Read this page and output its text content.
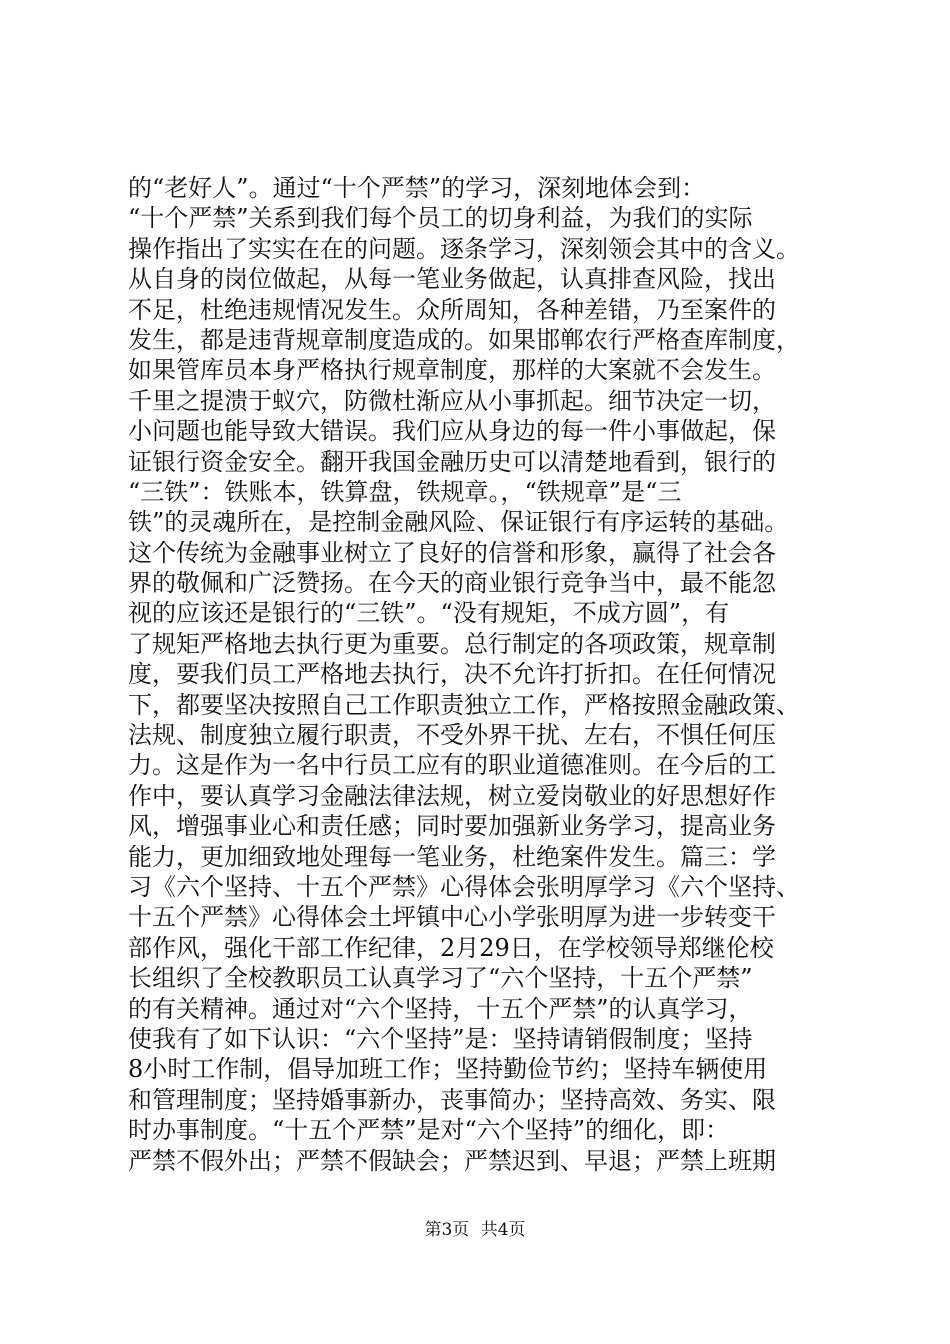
的“老好人”。通过“十个严禁”的学习，深刻地体会到：
“十个严禁”关系到我们每个员工的切身利益，为我们的实际
操作指出了实实在在的问题。逐条学习，深刻领会其中的含义。
从自身的岗位做起，从每一笔业务做起，认真排查风险，找出
不足，杜绝违规情况发生。众所周知，各种差错，乃至案件的
发生，都是违背规章制度造成的。如果邯郸农行严格查库制度，
如果管库员本身严格执行规章制度，那样的大案就不会发生。
千里之提溃于蚁穴，防微杜渐应从小事抓起。细节决定一切，
小问题也能导致大错误。我们应从身边的每一件小事做起，保
证银行资金安全。翻开我国金融历史可以清楚地看到，银行的
“三铁”：铁账本，铁算盘，铁规章。，“铁规章”是“三
铁”的灵魂所在，是控制金融风险、保证银行有序运转的基础。
这个传统为金融事业树立了良好的信誉和形象，赢得了社会各
界的敬佩和广泛赞扬。在今天的商业银行竞争当中，最不能忽
视的应该还是银行的“三铁”。“没有规矩，不成方圆”，有
了规矩严格地去执行更为重要。总行制定的各项政策，规章制
度，要我们员工严格地去执行，决不允许打折扣。在任何情况
下，都要坚决按照自己工作职责独立工作，严格按照金融政策、
法规、制度独立履行职责，不受外界干扰、左右，不惧任何压
力。这是作为一名中行员工应有的职业道德准则。在今后的工
作中，要认真学习金融法律法规，树立爱岗敬业的好思想好作
风，增强事业心和责任感；同时要加强新业务学习，提高业务
能力，更加细致地处理每一笔业务，杜绝案件发生。篇三：学
习《六个坚持、十五个严禁》心得体会张明厚学习《六个坚持、
十五个严禁》心得体会土坪镇中心小学张明厚为进一步转变干
部作风，强化干部工作纪律，2月29日，在学校领导郑继伦校
长组织了全校教职员工认真学习了“六个坚持，十五个严禁”
的有关精神。通过对“六个坚持，十五个严禁”的认真学习，
使我有了如下认识：“六个坚持”是：坚持请销假制度；坚持
8小时工作制，倡导加班工作；坚持勤俭节约；坚持车辆使用
和管理制度；坚持婚事新办，丧事简办；坚持高效、务实、限
时办事制度。“十五个严禁”是对“六个坚持”的细化，即：
严禁不假外出；严禁不假缺会；严禁迟到、早退；严禁上班期
第3页 共4页
